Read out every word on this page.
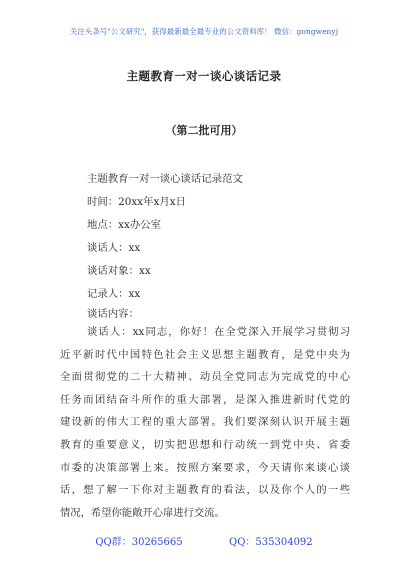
关注头条号"公文研究"，获得最新最全最专业的公文资料库！ 微信：gongwenyj
主题教育一对一谈心谈话记录
（第二批可用）
主题教育一对一谈心谈话记录范文
时间：20xx年x月x日
地点：xx办公室
谈话人：xx
谈话对象：xx
记录人：xx
谈话内容：
谈话人：xx同志，你好！在全党深入开展学习贯彻习
近平新时代中国特色社会主义思想主题教育，是党中央为
全面贯彻党的二十大精神、动员全党同志为完成党的中心
任务而团结奋斗所作的重大部署，是深入推进新时代党的
建设新的伟大工程的重大部署。我们要深刻认识开展主题
教育的重要意义，切实把思想和行动统一到党中央、省委
市委的决策部署上来。按照方案要求，今天请你来谈心谈
话，想了解一下你对主题教育的看法，以及你个人的一些
情况，希望你能敞开心扉进行交流。
QQ群：30265665	QQ：535304092
